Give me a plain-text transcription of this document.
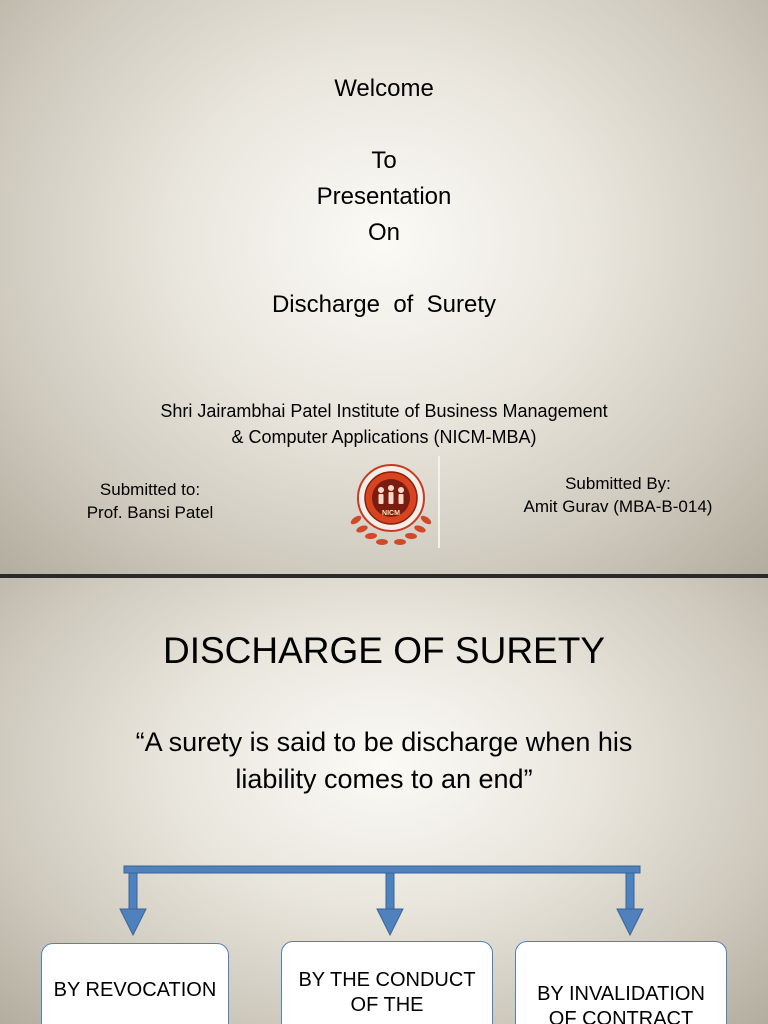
Welcome
To
Presentation
On
Discharge  of  Surety
Shri Jairambhai Patel Institute of Business Management
& Computer Applications (NICM-MBA)
Submitted to:
Prof. Bansi Patel	NICM
Submitted By:
Amit Gurav (MBA-B-014)
DISCHARGE OF SURETY
“A surety is said to be discharge when his
liability comes to an end”
BY REVOCATION	BY THE CONDUCT
OF THE	BY INVALIDATION
OF CONTRACT
